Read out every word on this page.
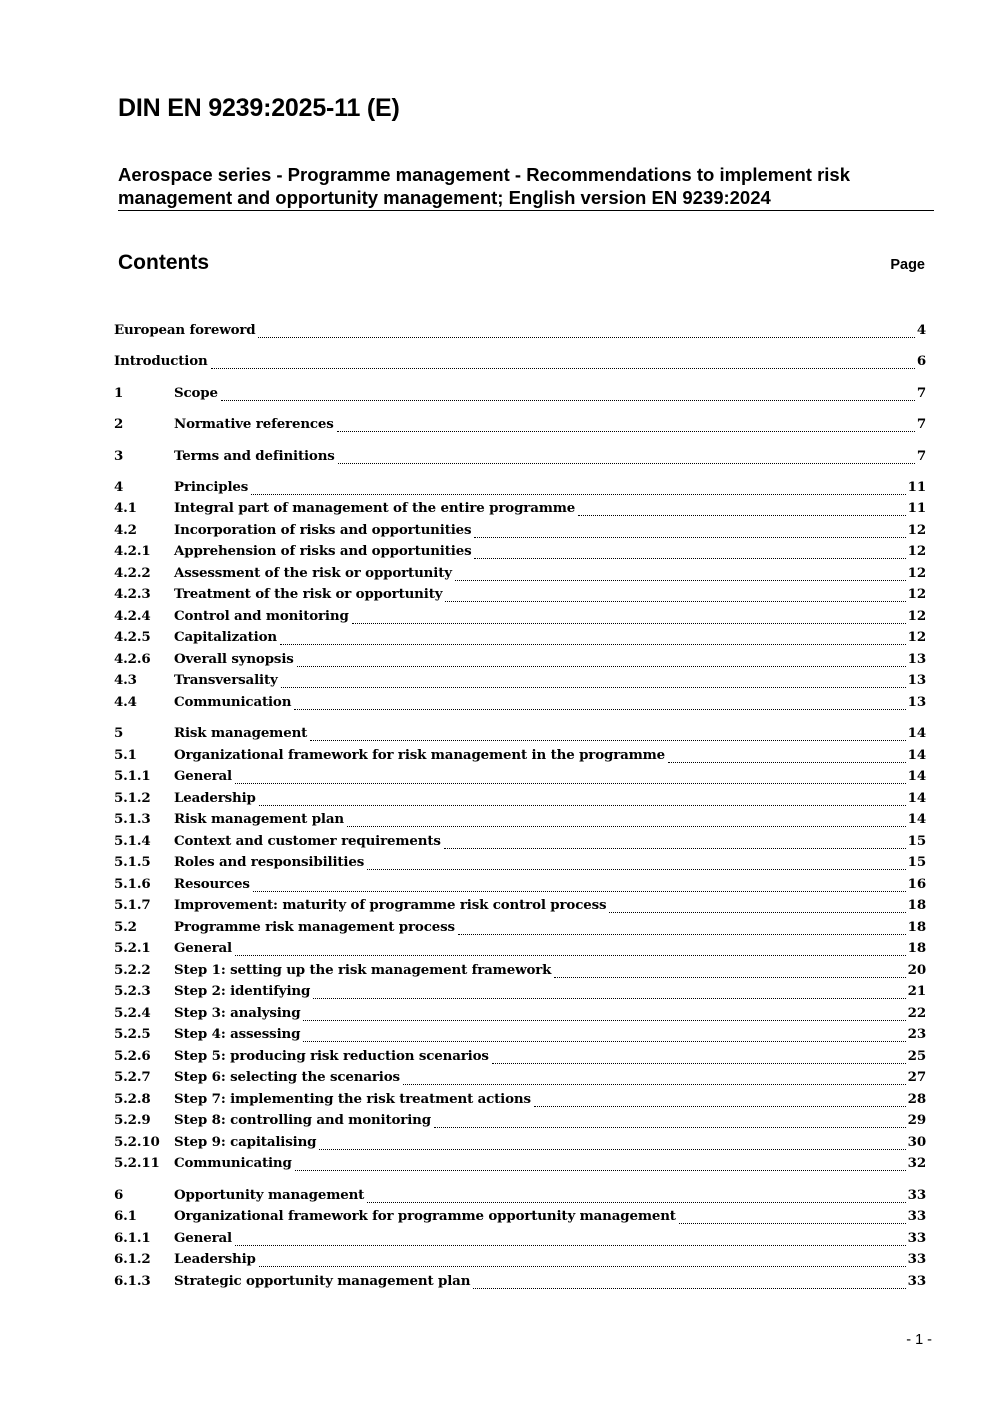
DIN EN 9239:2025-11 (E)
Aerospace series - Programme management - Recommendations to implement risk management and opportunity management; English version EN 9239:2024
Contents	Page
European foreword	4
Introduction	6
1	Scope	7
2	Normative references	7
3	Terms and definitions	7
4	Principles	11
4.1	Integral part of management of the entire programme	11
4.2	Incorporation of risks and opportunities	12
4.2.1	Apprehension of risks and opportunities	12
4.2.2	Assessment of the risk or opportunity	12
4.2.3	Treatment of the risk or opportunity	12
4.2.4	Control and monitoring	12
4.2.5	Capitalization	12
4.2.6	Overall synopsis	13
4.3	Transversality	13
4.4	Communication	13
5	Risk management	14
5.1	Organizational framework for risk management in the programme	14
5.1.1	General	14
5.1.2	Leadership	14
5.1.3	Risk management plan	14
5.1.4	Context and customer requirements	15
5.1.5	Roles and responsibilities	15
5.1.6	Resources	16
5.1.7	Improvement: maturity of programme risk control process	18
5.2	Programme risk management process	18
5.2.1	General	18
5.2.2	Step 1: setting up the risk management framework	20
5.2.3	Step 2: identifying	21
5.2.4	Step 3: analysing	22
5.2.5	Step 4: assessing	23
5.2.6	Step 5: producing risk reduction scenarios	25
5.2.7	Step 6: selecting the scenarios	27
5.2.8	Step 7: implementing the risk treatment actions	28
5.2.9	Step 8: controlling and monitoring	29
5.2.10	Step 9: capitalising	30
5.2.11	Communicating	32
6	Opportunity management	33
6.1	Organizational framework for programme opportunity management	33
6.1.1	General	33
6.1.2	Leadership	33
6.1.3	Strategic opportunity management plan	33
- 1 -
